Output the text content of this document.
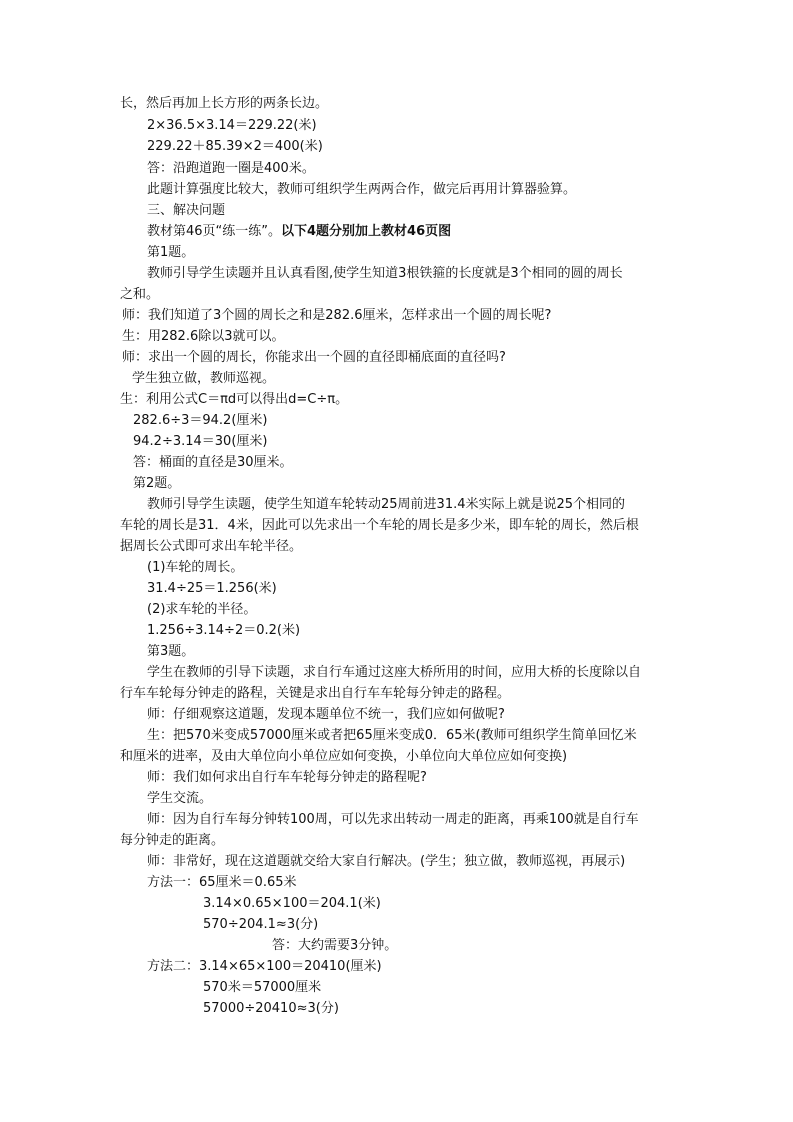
长，然后再加上长方形的两条长边。
2×36.5×3.14＝229.22(米)
229.22＋85.39×2＝400(米)
答：沿跑道跑一圈是400米。
此题计算强度比较大，教师可组织学生两两合作，做完后再用计算器验算。
三、解决问题
教材第46页“练一练”。以下4题分别加上教材46页图
第1题。
教师引导学生读题并且认真看图,使学生知道3根铁箍的长度就是3个相同的圆的周长
之和。
师：我们知道了3个圆的周长之和是282.6厘米，怎样求出一个圆的周长呢?
生：用282.6除以3就可以。
师：求出一个圆的周长，你能求出一个圆的直径即桶底面的直径吗?
学生独立做，教师巡视。
生：利用公式C＝πd可以得出d=C÷π。
282.6÷3＝94.2(厘米)
94.2÷3.14＝30(厘米)
答：桶面的直径是30厘米。
第2题。
教师引导学生读题，使学生知道车轮转动25周前进31.4米实际上就是说25个相同的
车轮的周长是31．4米，因此可以先求出一个车轮的周长是多少米，即车轮的周长，然后根
据周长公式即可求出车轮半径。
(1)车轮的周长。
31.4÷25＝1.256(米)
(2)求车轮的半径。
1.256÷3.14÷2＝0.2(米)
第3题。
学生在教师的引导下读题，求自行车通过这座大桥所用的时间，应用大桥的长度除以自
行车车轮每分钟走的路程，关键是求出自行车车轮每分钟走的路程。
师：仔细观察这道题，发现本题单位不统一，我们应如何做呢?
生：把570米变成57000厘米或者把65厘米变成0．65米(教师可组织学生简单回忆米
和厘米的进率，及由大单位向小单位应如何变换，小单位向大单位应如何变换)
师：我们如何求出自行车车轮每分钟走的路程呢?
学生交流。
师：因为自行车每分钟转100周，可以先求出转动一周走的距离，再乘100就是自行车
每分钟走的距离。
师：非常好，现在这道题就交给大家自行解决。(学生；独立做，教师巡视，再展示)
方法一：65厘米＝0.65米
3.14×0.65×100＝204.1(米)
570÷204.1≈3(分)
答：大约需要3分钟。
方法二：3.14×65×100＝20410(厘米)
570米＝57000厘米
57000÷20410≈3(分)
